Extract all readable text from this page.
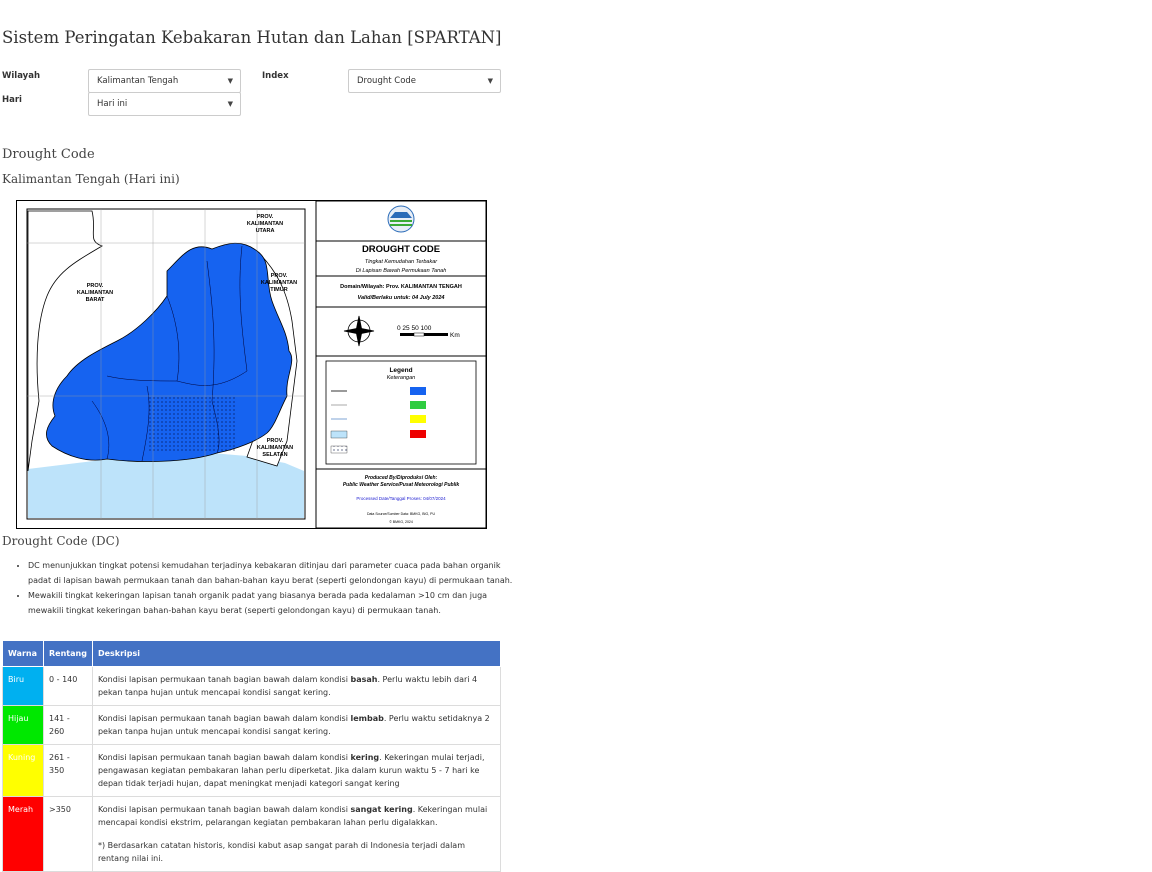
Sistem Peringatan Kebakaran Hutan dan Lahan [SPARTAN]
Wilayah	Kalimantan Tengah	▼
Hari	Hari ini	▼
Index	Drought Code	▼
Drought Code
Kalimantan Tengah (Hari ini)
PROV. KALIMANTAN BARAT
PROV. KALIMANTAN TIMUR
PROV. KALIMANTAN UTARA
PROV. KALIMANTAN SELATAN
DROUGHT CODE
Tingkat Kemudahan Terbakar
Di Lapisan Bawah Permukaan Tanah
Domain/Wilayah: Prov. KALIMANTAN TENGAH
Valid/Berlaku untuk: 04 July 2024
0 25 50 100
Km
Legend
Keterangan
Produced By/Diproduksi Oleh:
Public Weather Service/Pusat Meteorologi Publik
Processed Date/Tanggal Proses: 04/07/2024
Data Source/Sumber Data: BMKG, BIG, PU
© BMKG, 2024
Drought Code (DC)
• DC menunjukkan tingkat potensi kemudahan terjadinya kebakaran ditinjau dari parameter cuaca pada bahan organik padat di lapisan bawah permukaan tanah dan bahan-bahan kayu berat (seperti gelondongan kayu) di permukaan tanah.
• Mewakili tingkat kekeringan lapisan tanah organik padat yang biasanya berada pada kedalaman >10 cm dan juga mewakili tingkat kekeringan bahan-bahan kayu berat (seperti gelondongan kayu) di permukaan tanah.
Warna	Rentang	Deskripsi
Biru	0 - 140	Kondisi lapisan permukaan tanah bagian bawah dalam kondisi basah. Perlu waktu lebih dari 4 pekan tanpa hujan untuk mencapai kondisi sangat kering.
Hijau	141 - 260	Kondisi lapisan permukaan tanah bagian bawah dalam kondisi lembab. Perlu waktu setidaknya 2 pekan tanpa hujan untuk mencapai kondisi sangat kering.
Kuning	261 - 350	Kondisi lapisan permukaan tanah bagian bawah dalam kondisi kering. Kekeringan mulai terjadi, pengawasan kegiatan pembakaran lahan perlu diperketat. Jika dalam kurun waktu 5 - 7 hari ke depan tidak terjadi hujan, dapat meningkat menjadi kategori sangat kering
Merah	>350	Kondisi lapisan permukaan tanah bagian bawah dalam kondisi sangat kering. Kekeringan mulai mencapai kondisi ekstrim, pelarangan kegiatan pembakaran lahan perlu digalakkan.
*) Berdasarkan catatan historis, kondisi kabut asap sangat parah di Indonesia terjadi dalam rentang nilai ini.
